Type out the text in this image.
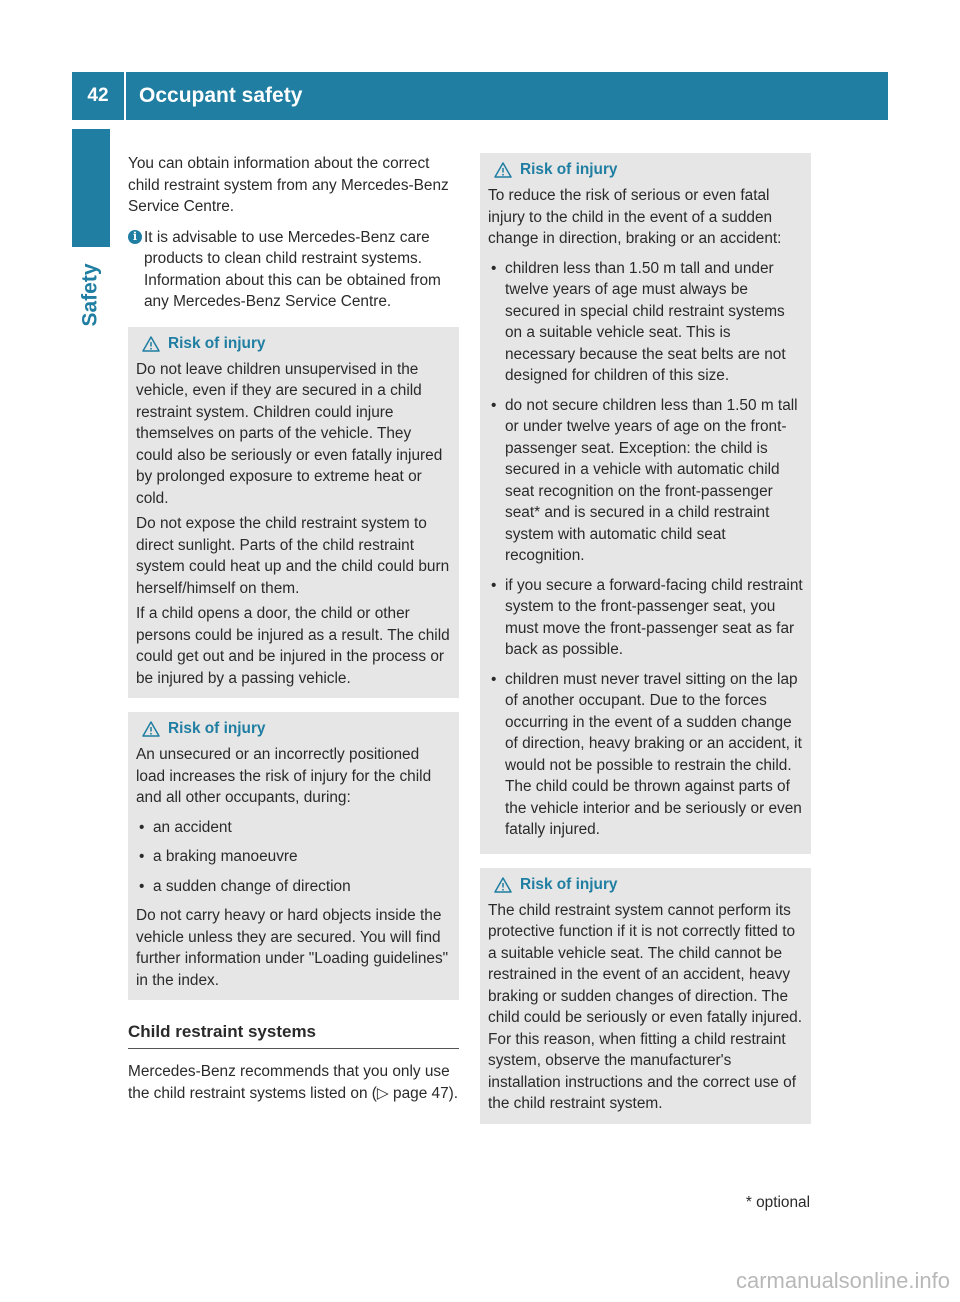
42	Occupant safety
Safety

You can obtain information about the correct child restraint system from any Mercedes-Benz Service Centre.

i It is advisable to use Mercedes-Benz care products to clean child restraint systems. Information about this can be obtained from any Mercedes-Benz Service Centre.

Risk of injury

Do not leave children unsupervised in the vehicle, even if they are secured in a child restraint system. Children could injure themselves on parts of the vehicle. They could also be seriously or even fatally injured by prolonged exposure to extreme heat or cold.

Do not expose the child restraint system to direct sunlight. Parts of the child restraint system could heat up and the child could burn herself/himself on them.

If a child opens a door, the child or other persons could be injured as a result. The child could get out and be injured in the process or be injured by a passing vehicle.

Risk of injury

An unsecured or an incorrectly positioned load increases the risk of injury for the child and all other occupants, during:

• an accident
• a braking manoeuvre
• a sudden change of direction

Do not carry heavy or hard objects inside the vehicle unless they are secured. You will find further information under "Loading guidelines" in the index.

Child restraint systems

Mercedes-Benz recommends that you only use the child restraint systems listed on (▷ page 47).

Risk of injury

To reduce the risk of serious or even fatal injury to the child in the event of a sudden change in direction, braking or an accident:

• children less than 1.50 m tall and under twelve years of age must always be secured in special child restraint systems on a suitable vehicle seat. This is necessary because the seat belts are not designed for children of this size.
• do not secure children less than 1.50 m tall or under twelve years of age on the front-passenger seat. Exception: the child is secured in a vehicle with automatic child seat recognition on the front-passenger seat* and is secured in a child restraint system with automatic child seat recognition.
• if you secure a forward-facing child restraint system to the front-passenger seat, you must move the front-passenger seat as far back as possible.
• children must never travel sitting on the lap of another occupant. Due to the forces occurring in the event of a sudden change of direction, heavy braking or an accident, it would not be possible to restrain the child. The child could be thrown against parts of the vehicle interior and be seriously or even fatally injured.
Risk of injury

The child restraint system cannot perform its protective function if it is not correctly fitted to a suitable vehicle seat. The child cannot be restrained in the event of an accident, heavy braking or sudden changes of direction. The child could be seriously or even fatally injured. For this reason, when fitting a child restraint system, observe the manufacturer's installation instructions and the correct use of the child restraint system.

* optional
carmanualsonline.info
